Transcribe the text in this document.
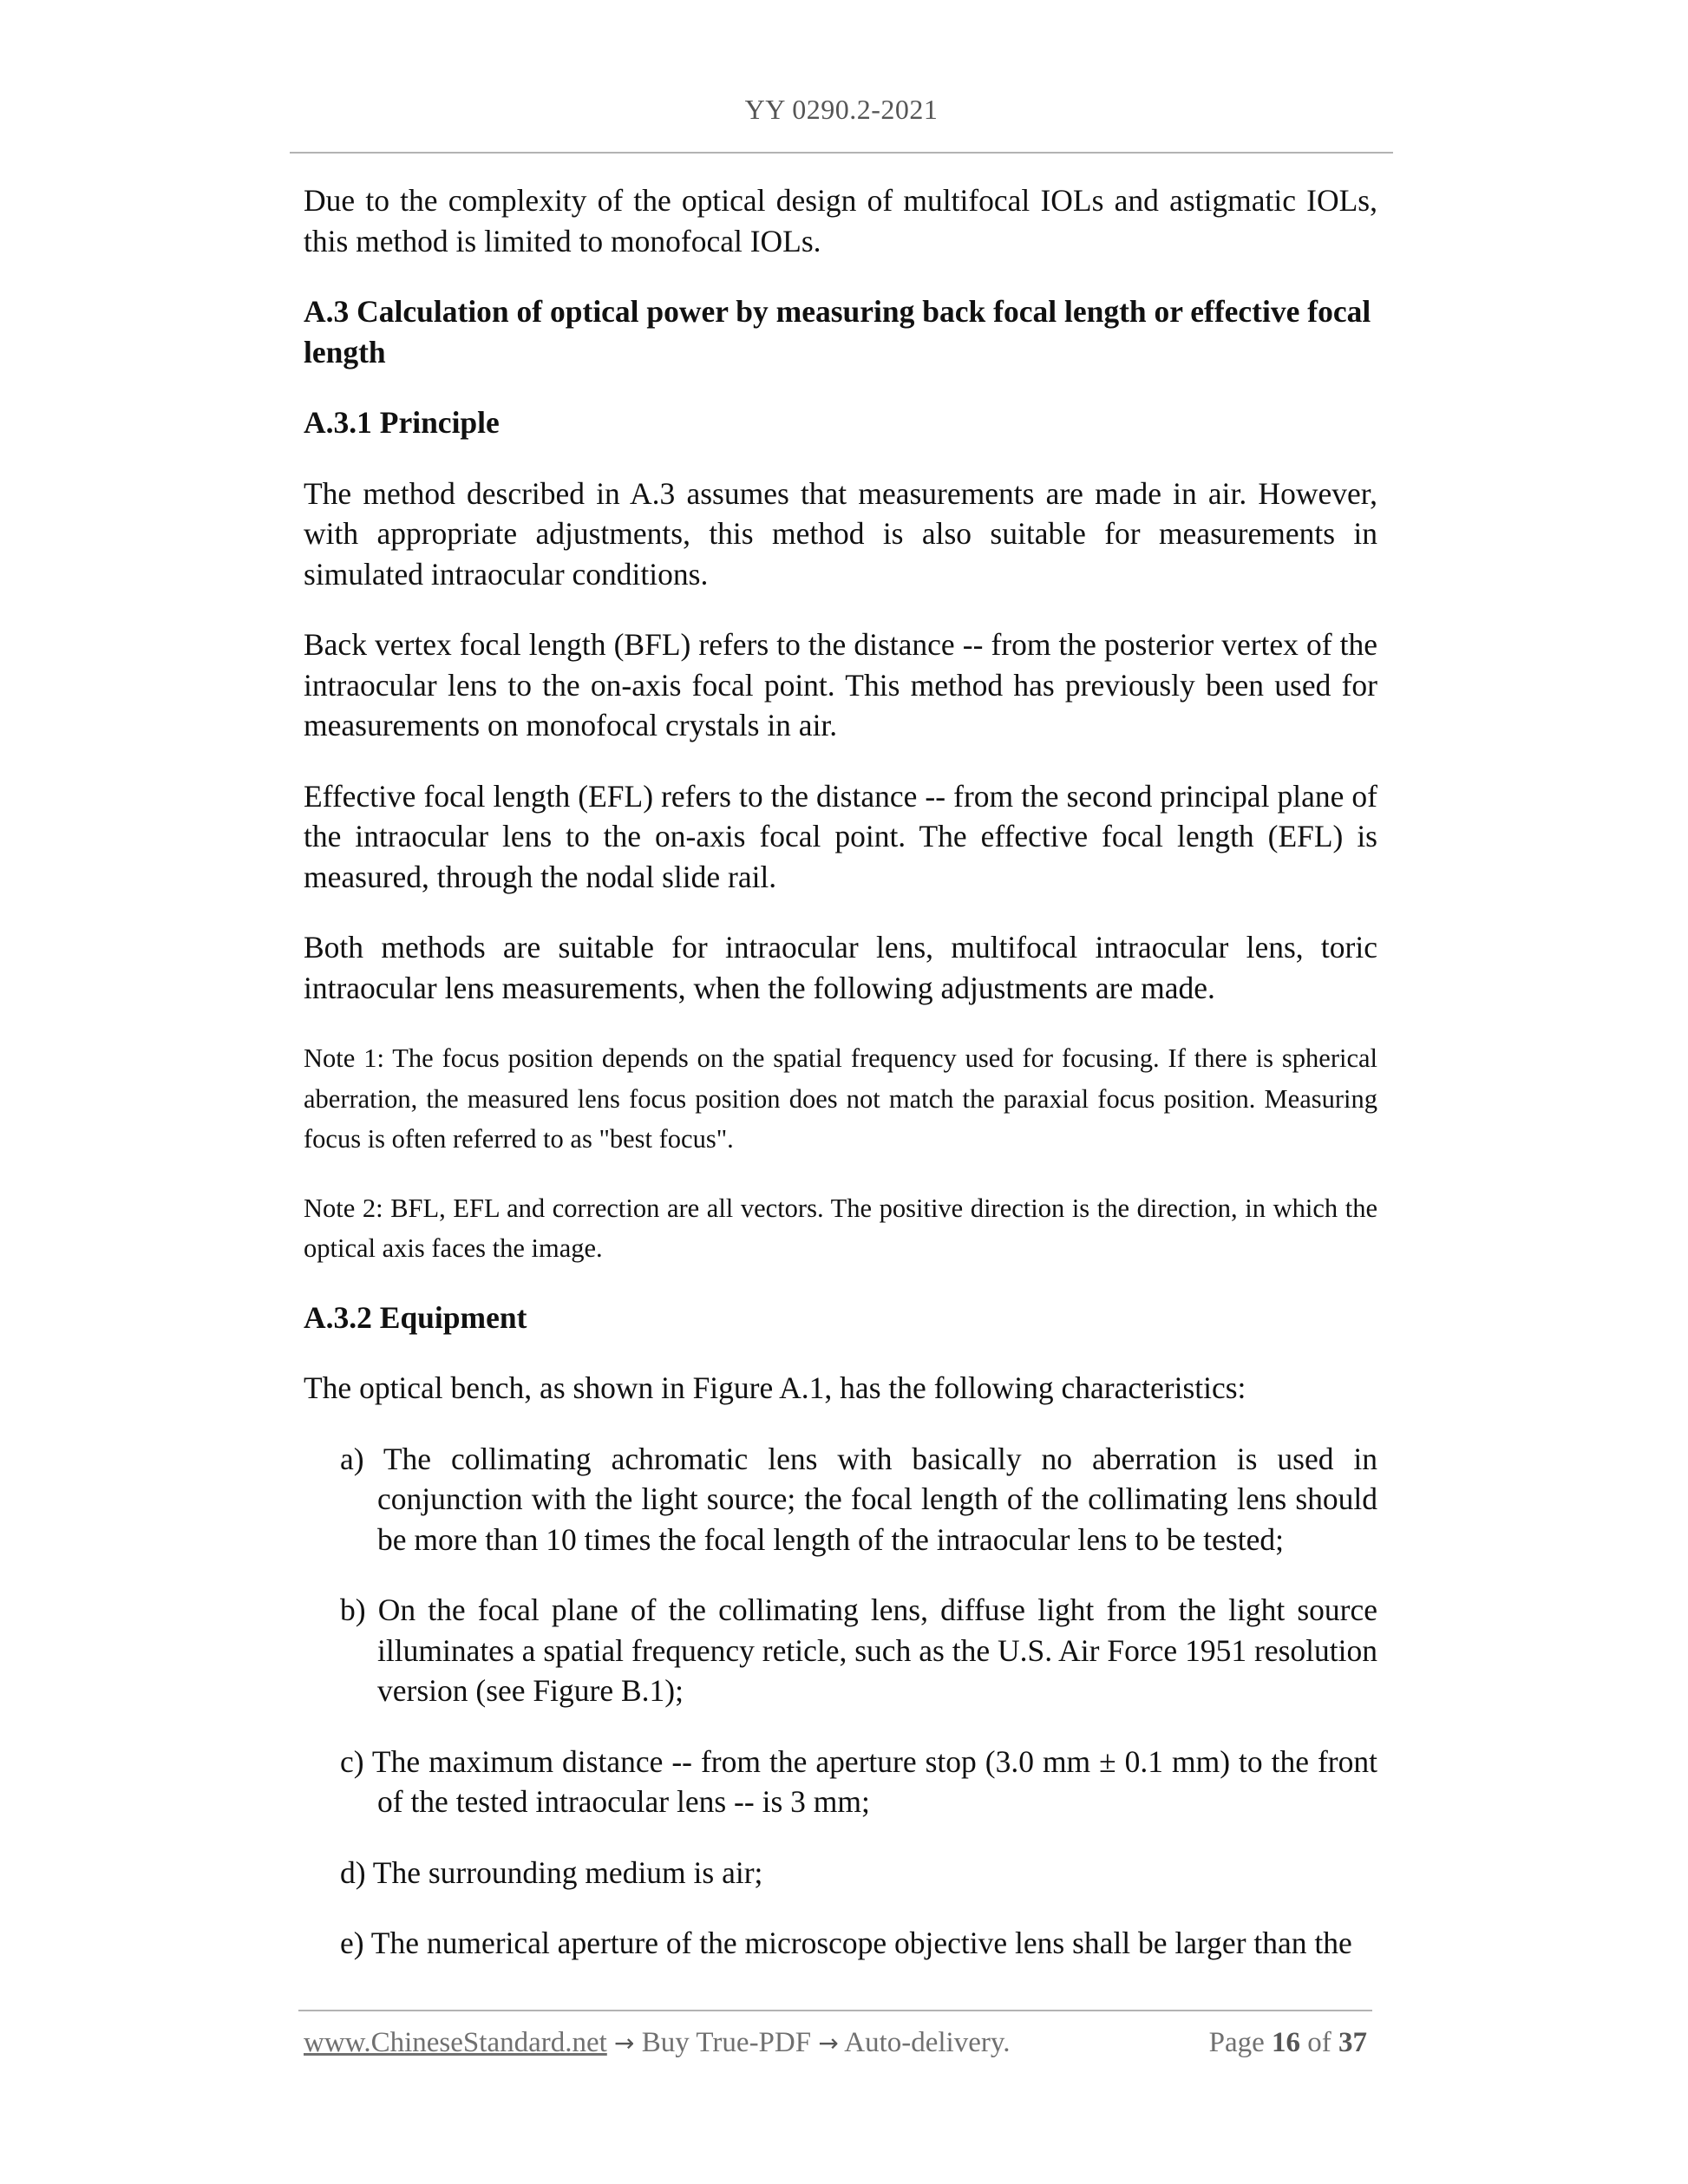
YY 0290.2-2021

Due to the complexity of the optical design of multifocal IOLs and astigmatic IOLs, this method is limited to monofocal IOLs.

A.3 Calculation of optical power by measuring back focal length or effective focal length

A.3.1 Principle

The method described in A.3 assumes that measurements are made in air. However, with appropriate adjustments, this method is also suitable for measurements in simulated intraocular conditions.

Back vertex focal length (BFL) refers to the distance -- from the posterior vertex of the intraocular lens to the on-axis focal point. This method has previously been used for measurements on monofocal crystals in air.

Effective focal length (EFL) refers to the distance -- from the second principal plane of the intraocular lens to the on-axis focal point. The effective focal length (EFL) is measured, through the nodal slide rail.

Both methods are suitable for intraocular lens, multifocal intraocular lens, toric intraocular lens measurements, when the following adjustments are made.

Note 1: The focus position depends on the spatial frequency used for focusing. If there is spherical aberration, the measured lens focus position does not match the paraxial focus position. Measuring focus is often referred to as "best focus".

Note 2: BFL, EFL and correction are all vectors. The positive direction is the direction, in which the optical axis faces the image.

A.3.2 Equipment

The optical bench, as shown in Figure A.1, has the following characteristics:

a) The collimating achromatic lens with basically no aberration is used in conjunction with the light source; the focal length of the collimating lens should be more than 10 times the focal length of the intraocular lens to be tested;

b) On the focal plane of the collimating lens, diffuse light from the light source illuminates a spatial frequency reticle, such as the U.S. Air Force 1951 resolution version (see Figure B.1);

c) The maximum distance -- from the aperture stop (3.0 mm ± 0.1 mm) to the front of the tested intraocular lens -- is 3 mm;

d) The surrounding medium is air;

e) The numerical aperture of the microscope objective lens shall be larger than the

www.ChineseStandard.net → Buy True-PDF → Auto-delivery.	Page 16 of 37
